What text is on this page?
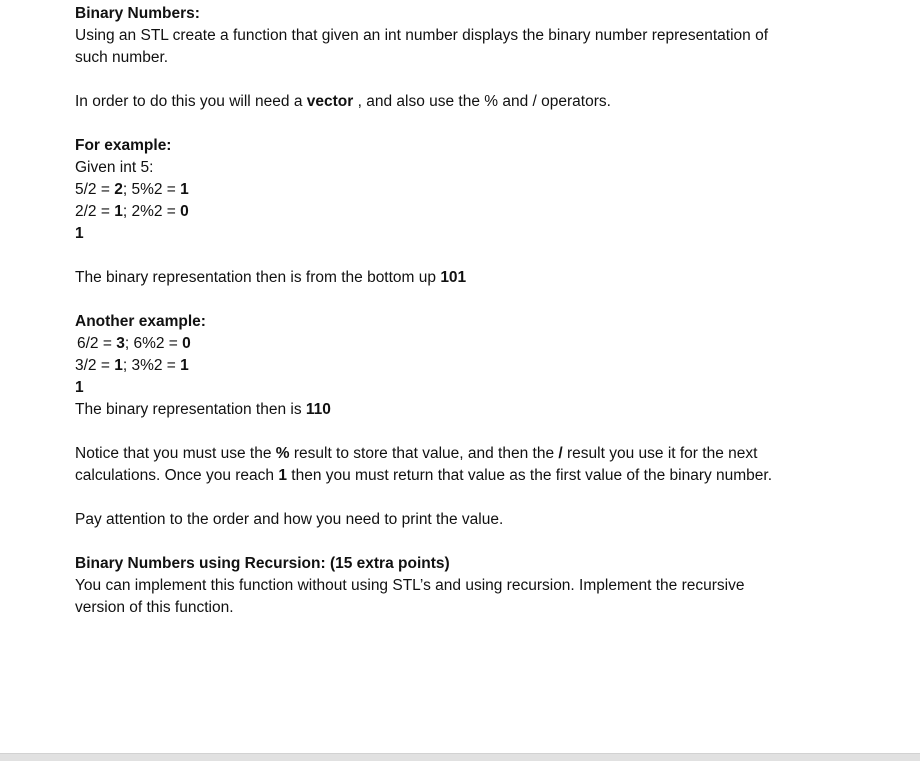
Binary Numbers:
Using an STL create a function that given an int number displays the binary number representation of
such number.
In order to do this you will need a vector , and also use the % and / operators.
For example:
Given int 5:
5/2 = 2; 5%2 = 1
2/2 = 1; 2%2 = 0
1
The binary representation then is from the bottom up 101
Another example:
6/2 = 3; 6%2 = 0
3/2 = 1; 3%2 = 1
1
The binary representation then is 110
Notice that you must use the % result to store that value, and then the / result you use it for the next
calculations. Once you reach 1 then you must return that value as the first value of the binary number.
Pay attention to the order and how you need to print the value.
Binary Numbers using Recursion: (15 extra points)
You can implement this function without using STL’s and using recursion. Implement the recursive
version of this function.
